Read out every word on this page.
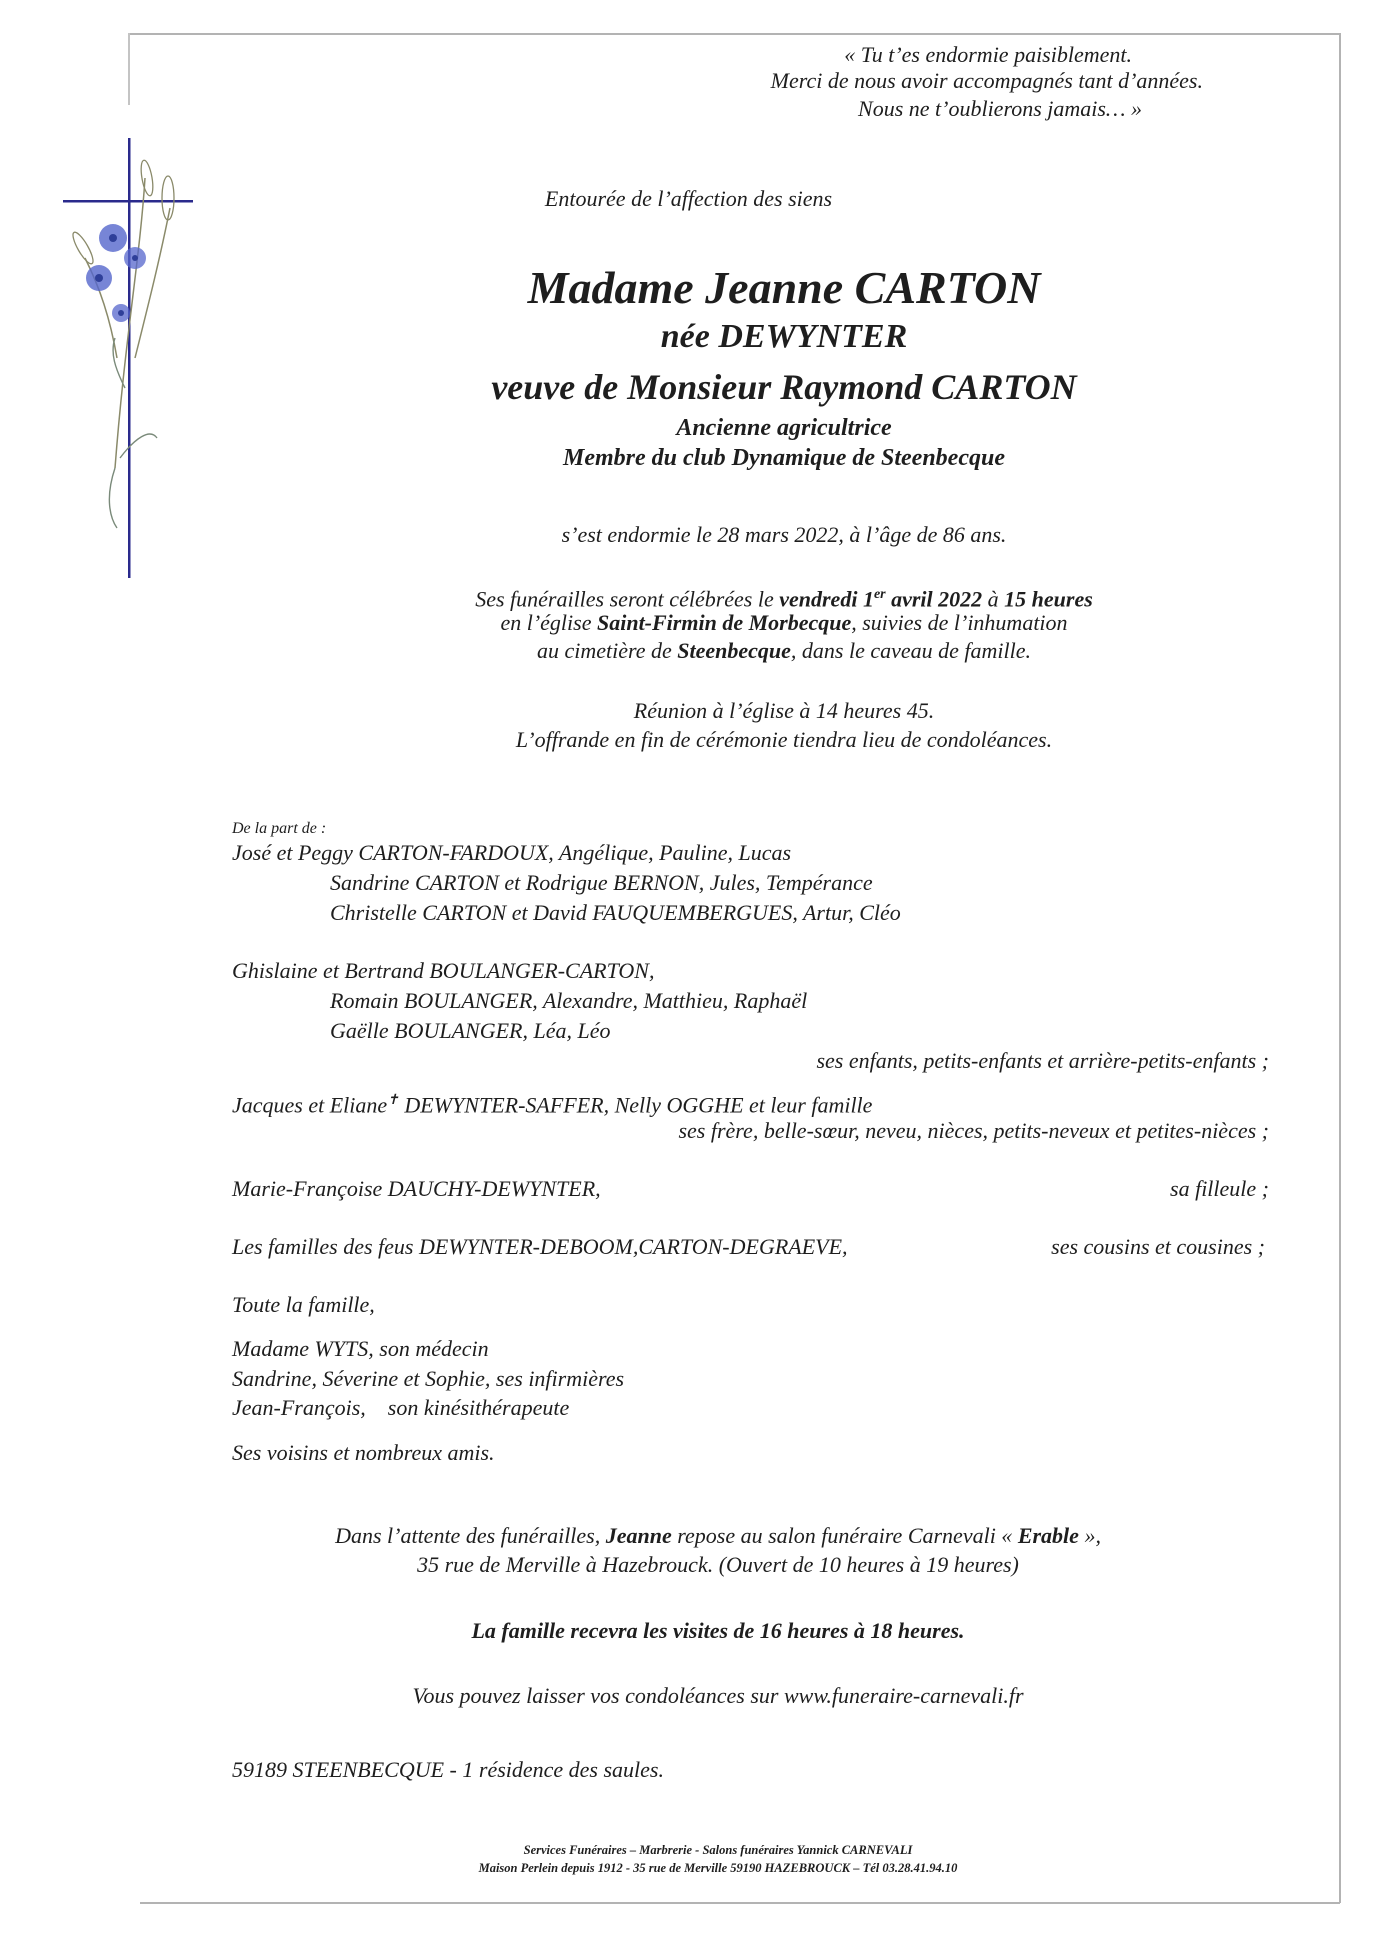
« Tu t’es endormie paisiblement.
Merci de nous avoir accompagnés tant d’années.
Nous ne t’oublierons jamais… »
Entourée de l’affection des siens
Madame Jeanne CARTON
née DEWYNTER
veuve de Monsieur Raymond CARTON
Ancienne agricultrice
Membre du club Dynamique de Steenbecque
s’est endormie le 28 mars 2022, à l’âge de 86 ans.
Ses funérailles seront célébrées le vendredi 1er avril 2022 à 15 heures
en l’église Saint-Firmin de Morbecque, suivies de l’inhumation
au cimetière de Steenbecque, dans le caveau de famille.
Réunion à l’église à 14 heures 45.
L’offrande en fin de cérémonie tiendra lieu de condoléances.
De la part de :
José et Peggy CARTON-FARDOUX, Angélique, Pauline, Lucas
Sandrine CARTON et Rodrigue BERNON, Jules, Tempérance
Christelle CARTON et David FAUQUEMBERGUES, Artur, Cléo
Ghislaine et Bertrand BOULANGER-CARTON,
Romain BOULANGER, Alexandre, Matthieu, Raphaël
Gaëlle BOULANGER, Léa, Léo
ses enfants, petits-enfants et arrière-petits-enfants ;
Jacques et Eliane✝ DEWYNTER-SAFFER, Nelly OGGHE et leur famille
ses frère, belle-sœur, neveu, nièces, petits-neveux et petites-nièces ;
Marie-Françoise DAUCHY-DEWYNTER,	sa filleule ;
Les familles des feus DEWYNTER-DEBOOM,CARTON-DEGRAEVE,	ses cousins et cousines ;
Toute la famille,
Madame WYTS, son médecin
Sandrine, Séverine et Sophie, ses infirmières
Jean-François,    son kinésithérapeute
Ses voisins et nombreux amis.
Dans l’attente des funérailles, Jeanne repose au salon funéraire Carnevali « Erable »,
35 rue de Merville à Hazebrouck. (Ouvert de 10 heures à 19 heures)
La famille recevra les visites de 16 heures à 18 heures.
Vous pouvez laisser vos condoléances sur www.funeraire-carnevali.fr
59189 STEENBECQUE - 1 résidence des saules.
Services Funéraires – Marbrerie - Salons funéraires Yannick CARNEVALI
Maison Perlein depuis 1912 - 35 rue de Merville 59190 HAZEBROUCK – Tél 03.28.41.94.10
